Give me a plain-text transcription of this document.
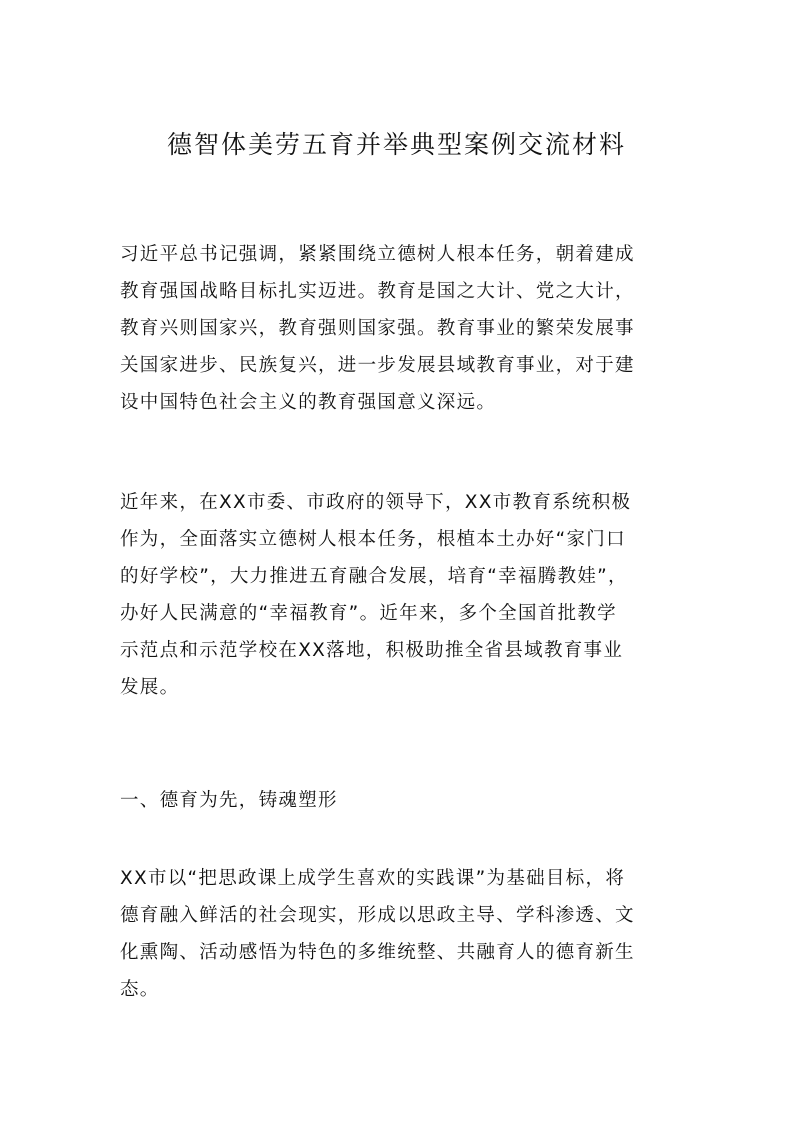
德智体美劳五育并举典型案例交流材料
习近平总书记强调，紧紧围绕立德树人根本任务，朝着建成
教育强国战略目标扎实迈进。教育是国之大计、党之大计，
教育兴则国家兴，教育强则国家强。教育事业的繁荣发展事
关国家进步、民族复兴，进一步发展县域教育事业，对于建
设中国特色社会主义的教育强国意义深远。
近年来，在XX市委、市政府的领导下，XX市教育系统积极
作为，全面落实立德树人根本任务，根植本土办好“家门口
的好学校”，大力推进五育融合发展，培育“幸福腾教娃”，
办好人民满意的“幸福教育”。近年来，多个全国首批教学
示范点和示范学校在XX落地，积极助推全省县域教育事业
发展。
一、德育为先，铸魂塑形
XX市以“把思政课上成学生喜欢的实践课”为基础目标，将
德育融入鲜活的社会现实，形成以思政主导、学科渗透、文
化熏陶、活动感悟为特色的多维统整、共融育人的德育新生
态。
